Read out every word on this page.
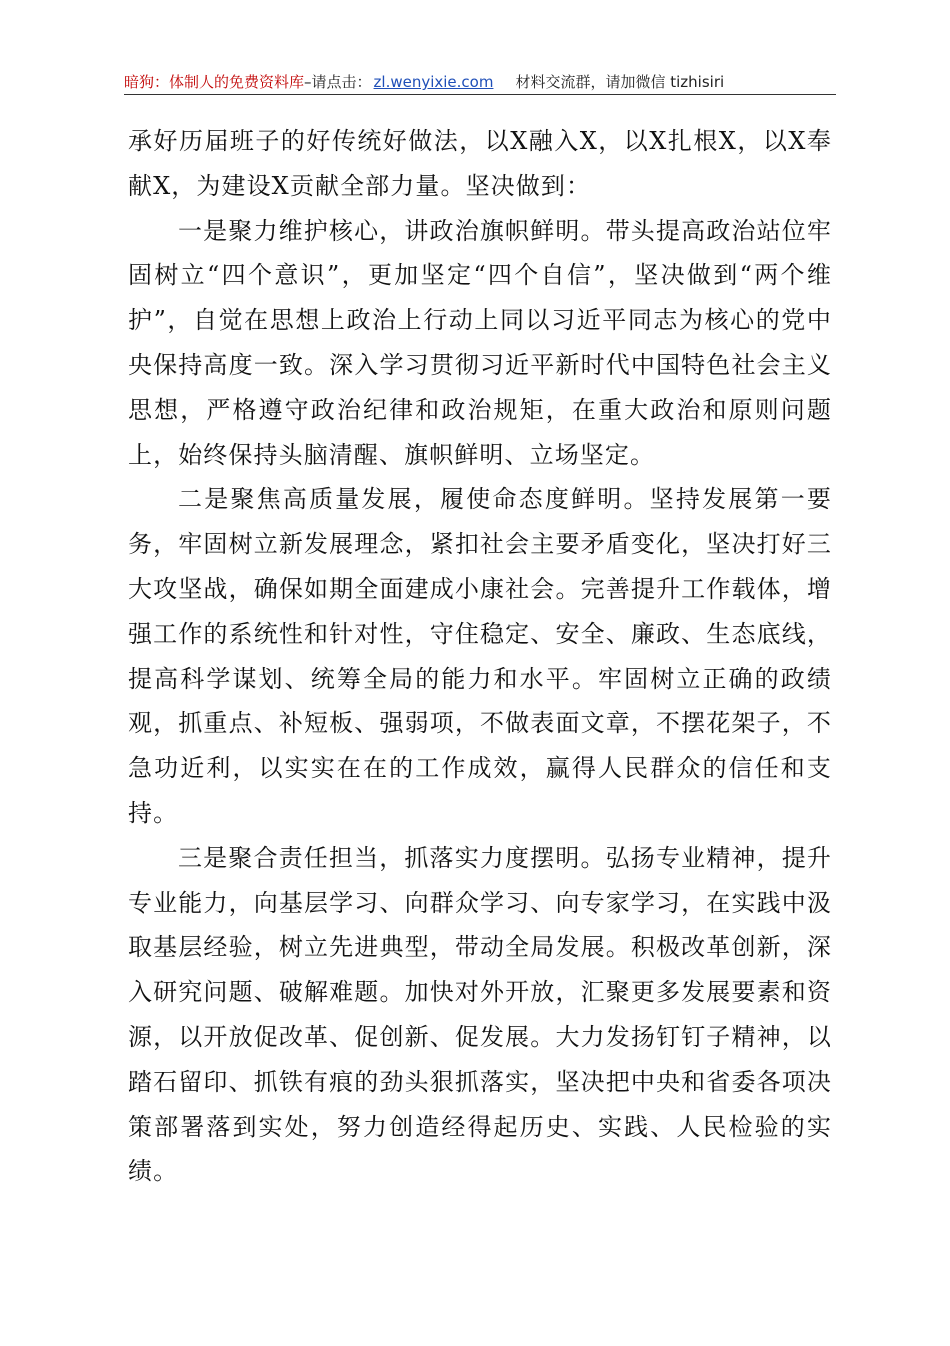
暗狗：体制人的免费资料库–请点击： zl.wenyixie.com 材料交流群，请加微信 tizhisiri

承好历届班子的好传统好做法，以X融入X，以X扎根X，以X奉献X，为建设X贡献全部力量。坚决做到：

一是聚力维护核心，讲政治旗帜鲜明。带头提高政治站位牢固树立“四个意识”，更加坚定“四个自信”，坚决做到“两个维护”，自觉在思想上政治上行动上同以习近平同志为核心的党中央保持高度一致。深入学习贯彻习近平新时代中国特色社会主义思想，严格遵守政治纪律和政治规矩，在重大政治和原则问题上，始终保持头脑清醒、旗帜鲜明、立场坚定。

二是聚焦高质量发展，履使命态度鲜明。坚持发展第一要务，牢固树立新发展理念，紧扣社会主要矛盾变化，坚决打好三大攻坚战，确保如期全面建成小康社会。完善提升工作载体，增强工作的系统性和针对性，守住稳定、安全、廉政、生态底线，提高科学谋划、统筹全局的能力和水平。牢固树立正确的政绩观，抓重点、补短板、强弱项，不做表面文章，不摆花架子，不急功近利，以实实在在的工作成效，赢得人民群众的信任和支持。

三是聚合责任担当，抓落实力度摆明。弘扬专业精神，提升专业能力，向基层学习、向群众学习、向专家学习，在实践中汲取基层经验，树立先进典型，带动全局发展。积极改革创新，深入研究问题、破解难题。加快对外开放，汇聚更多发展要素和资源，以开放促改革、促创新、促发展。大力发扬钉钉子精神，以踏石留印、抓铁有痕的劲头狠抓落实，坚决把中央和省委各项决策部署落到实处，努力创造经得起历史、实践、人民检验的实绩。
